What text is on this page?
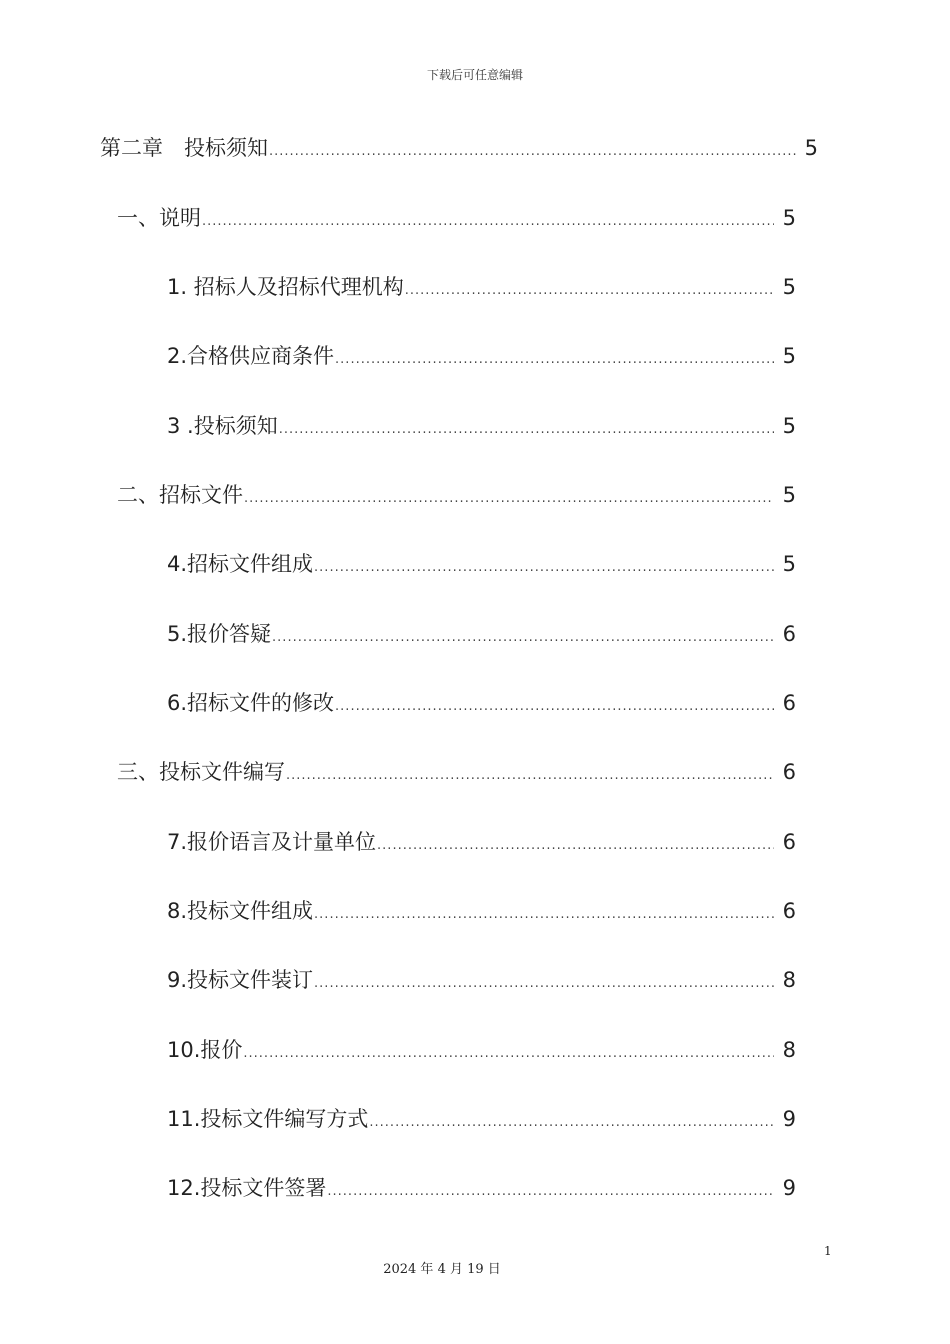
下载后可任意编辑
第二章　投标须知 .....	5
一、说明 .....	5
1. 招标人及招标代理机构 .....	5
2.合格供应商条件 .....	5
3 .投标须知 .....	5
二、招标文件 .....	5
4.招标文件组成 .....	5
5.报价答疑 .....	6
6.招标文件的修改 .....	6
三、投标文件编写 .....	6
7.报价语言及计量单位 .....	6
8.投标文件组成 .....	6
9.投标文件装订 .....	8
10.报价 .....	8
11.投标文件编写方式 .....	9
12.投标文件签署 .....	9
1
2024 年 4 月 19 日
